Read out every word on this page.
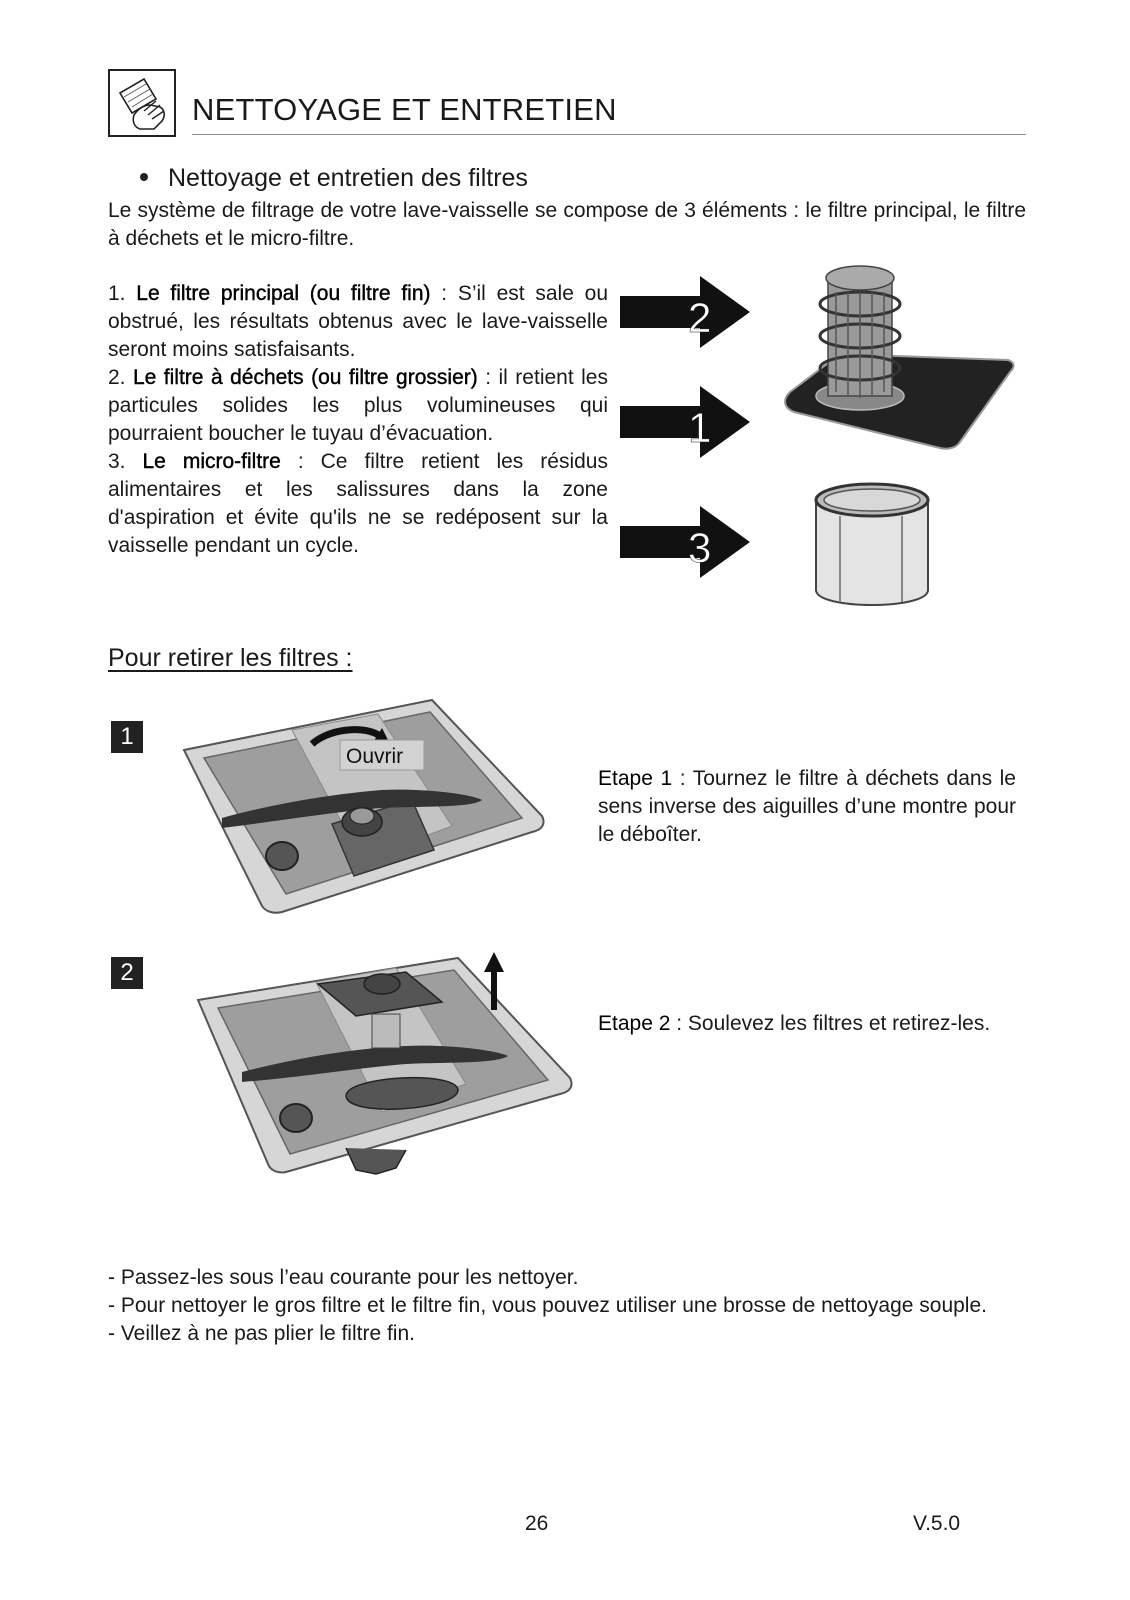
NETTOYAGE ET ENTRETIEN
Nettoyage et entretien des filtres
Le système de filtrage de votre lave-vaisselle se compose de 3 éléments : le filtre principal, le filtre à déchets et le micro-filtre.

1. Le filtre principal (ou filtre fin) : S’il est sale ou obstrué, les résultats obtenus avec le lave-vaisselle seront moins satisfaisants.

2. Le filtre à déchets (ou filtre grossier) : il retient les particules solides les plus volumineuses qui pourraient boucher le tuyau d’évacuation.

3. Le micro-filtre : Ce filtre retient les résidus alimentaires et les salissures dans la zone d'aspiration et évite qu'ils ne se redéposent sur la vaisselle pendant un cycle.

2
1
3
Pour retirer les filtres :
1
Ouvrir
Etape 1 : Tournez le filtre à déchets dans le sens inverse des aiguilles d’une montre pour le déboîter.
2
Etape 2 : Soulevez les filtres et retirez-les.
- Passez-les sous l’eau courante pour les nettoyer.
- Pour nettoyer le gros filtre et le filtre fin, vous pouvez utiliser une brosse de nettoyage souple.
- Veillez à ne pas plier le filtre fin.
26	V.5.0
